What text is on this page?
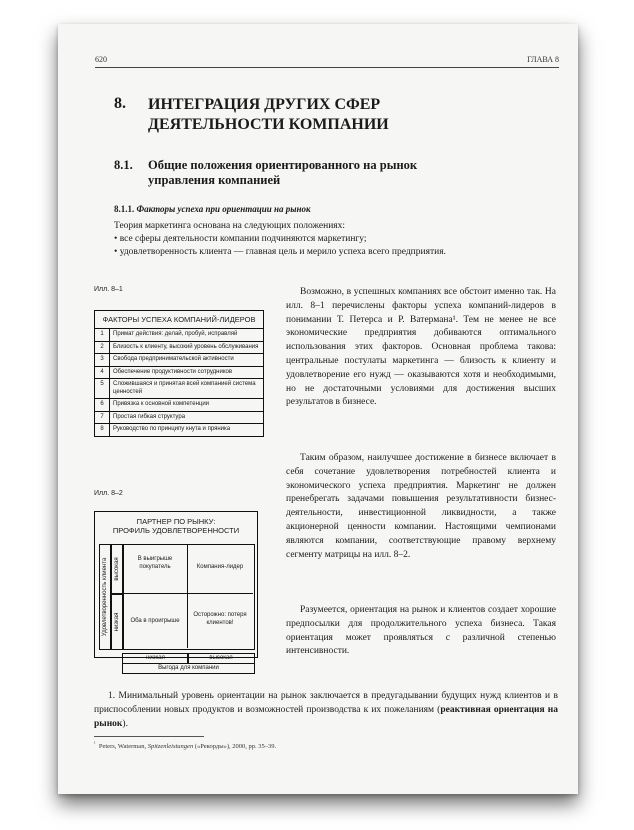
620	ГЛАВА 8
8. ИНТЕГРАЦИЯ ДРУГИХ СФЕР
ДЕЯТЕЛЬНОСТИ КОМПАНИИ
8.1. Общие положения ориентированного на рынок
управления компанией
8.1.1. Факторы успеха при ориентации на рынок

Теория маркетинга основана на следующих положениях:

• все сферы деятельности компании подчиняются маркетингу;

• удовлетворенность клиента — главная цель и мерило успеха всего предприятия.

Илл. 8–1
ФАКТОРЫ УСПЕХА КОМПАНИЙ-ЛИДЕРОВ	
1	Примат действия: делай, пробуй, исправляй
2	Близость к клиенту, высокий уровень обслуживания
3	Свобода предпринимательской активности
4	Обеспечение продуктивности сотрудников
5	Сложившаяся и принятая всей компанией система ценностей
6	Привязка к основной компетенции
7	Простая гибкая структура
8	Руководство по принципу кнута и пряника
Илл. 8–2
ПАРТНЕР ПО РЫНКУ:
ПРОФИЛЬ УДОВЛЕТВОРЕННОСТИ
Удовлетворенность клиента	высокая
низкая
В выигрыше покупатель	Компания-лидер
Оба в проигрыше
Осторожно: потеря клиентов!
низкая	высокая
Выгода для компании

Возможно, в успешных компаниях все обстоит именно так. На илл. 8–1 перечислены факторы успеха компаний-лидеров в понимании Т. Петерса и Р. Ватермана¹. Тем не менее не все экономические предприятия добиваются оптимального использования этих факторов. Основная проблема такова: центральные постулаты маркетинга — близость к клиенту и удовлетворение его нужд — оказываются хотя и необходимыми, но не достаточными условиями для достижения высших результатов в бизнесе.

Таким образом, наилучшее достижение в бизнесе включает в себя сочетание удовлетворения потребностей клиента и экономического успеха предприятия. Маркетинг не должен пренебрегать задачами повышения результативности бизнес-деятельности, инвестиционной ликвидности, а также акционерной ценности компании. Настоящими чемпионами являются компании, соответствующие правому верхнему сегменту матрицы на илл. 8–2.

Разумеется, ориентация на рынок и клиентов создает хорошие предпосылки для продолжительного успеха бизнеса. Такая ориентация может проявляться с различной степенью интенсивности.

1. Минимальный уровень ориентации на рынок заключается в предугадывании будущих нужд клиентов и в приспособлении новых продуктов и возможностей производства к их пожеланиям (реактивная ориентация на рынок).

$^{^1}$ Peters, Waterman, Spitzenleistungen («Рекорды»), 2000, pp. 35–39.
